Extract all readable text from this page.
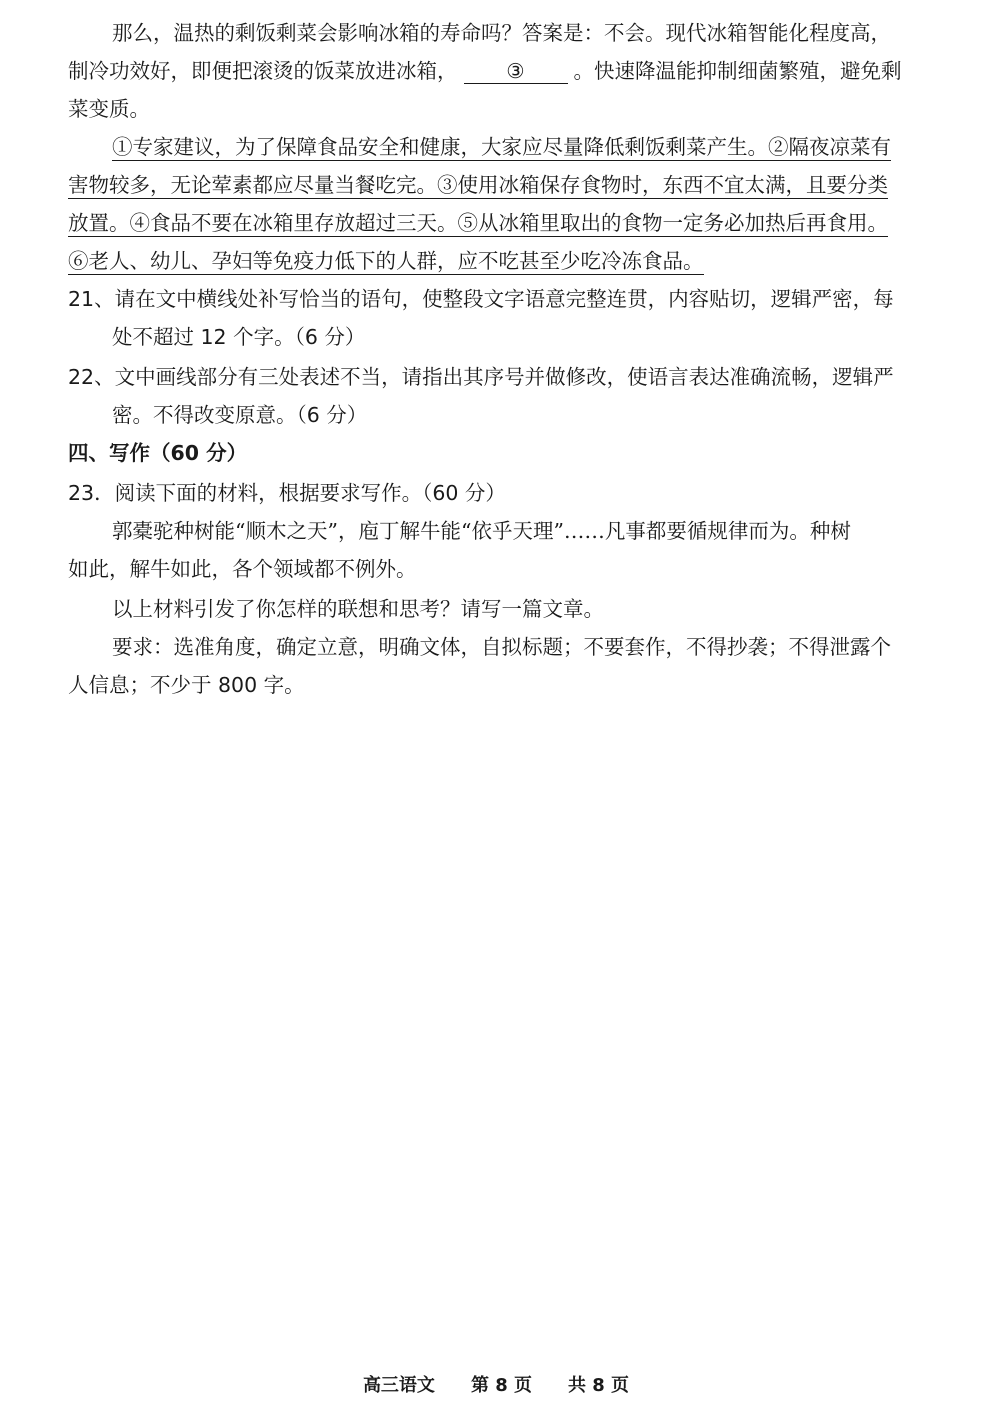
那么，温热的剩饭剩菜会影响冰箱的寿命吗？答案是：不会。现代冰箱智能化程度高，
制冷功效好，即便把滚烫的饭菜放进冰箱， ③ 。快速降温能抑制细菌繁殖，避免剩
菜变质。
①专家建议，为了保障食品安全和健康，大家应尽量降低剩饭剩菜产生。②隔夜凉菜有
害物较多，无论荤素都应尽量当餐吃完。③使用冰箱保存食物时，东西不宜太满，且要分类
放置。④食品不要在冰箱里存放超过三天。⑤从冰箱里取出的食物一定务必加热后再食用。
⑥老人、幼儿、孕妇等免疫力低下的人群，应不吃甚至少吃冷冻食品。
21、请在文中横线处补写恰当的语句，使整段文字语意完整连贯，内容贴切，逻辑严密，每
处不超过 12 个字。（6 分）
22、文中画线部分有三处表述不当，请指出其序号并做修改，使语言表达准确流畅，逻辑严
密。不得改变原意。（6 分）
四、写作（60 分）
23．阅读下面的材料，根据要求写作。（60 分）
郭橐驼种树能“顺木之天”，庖丁解牛能“依乎天理”……凡事都要循规律而为。种树
如此，解牛如此，各个领域都不例外。
以上材料引发了你怎样的联想和思考？请写一篇文章。
要求：选准角度，确定立意，明确文体，自拟标题；不要套作，不得抄袭；不得泄露个
人信息；不少于 800 字。
高三语文 第 8 页 共 8 页
